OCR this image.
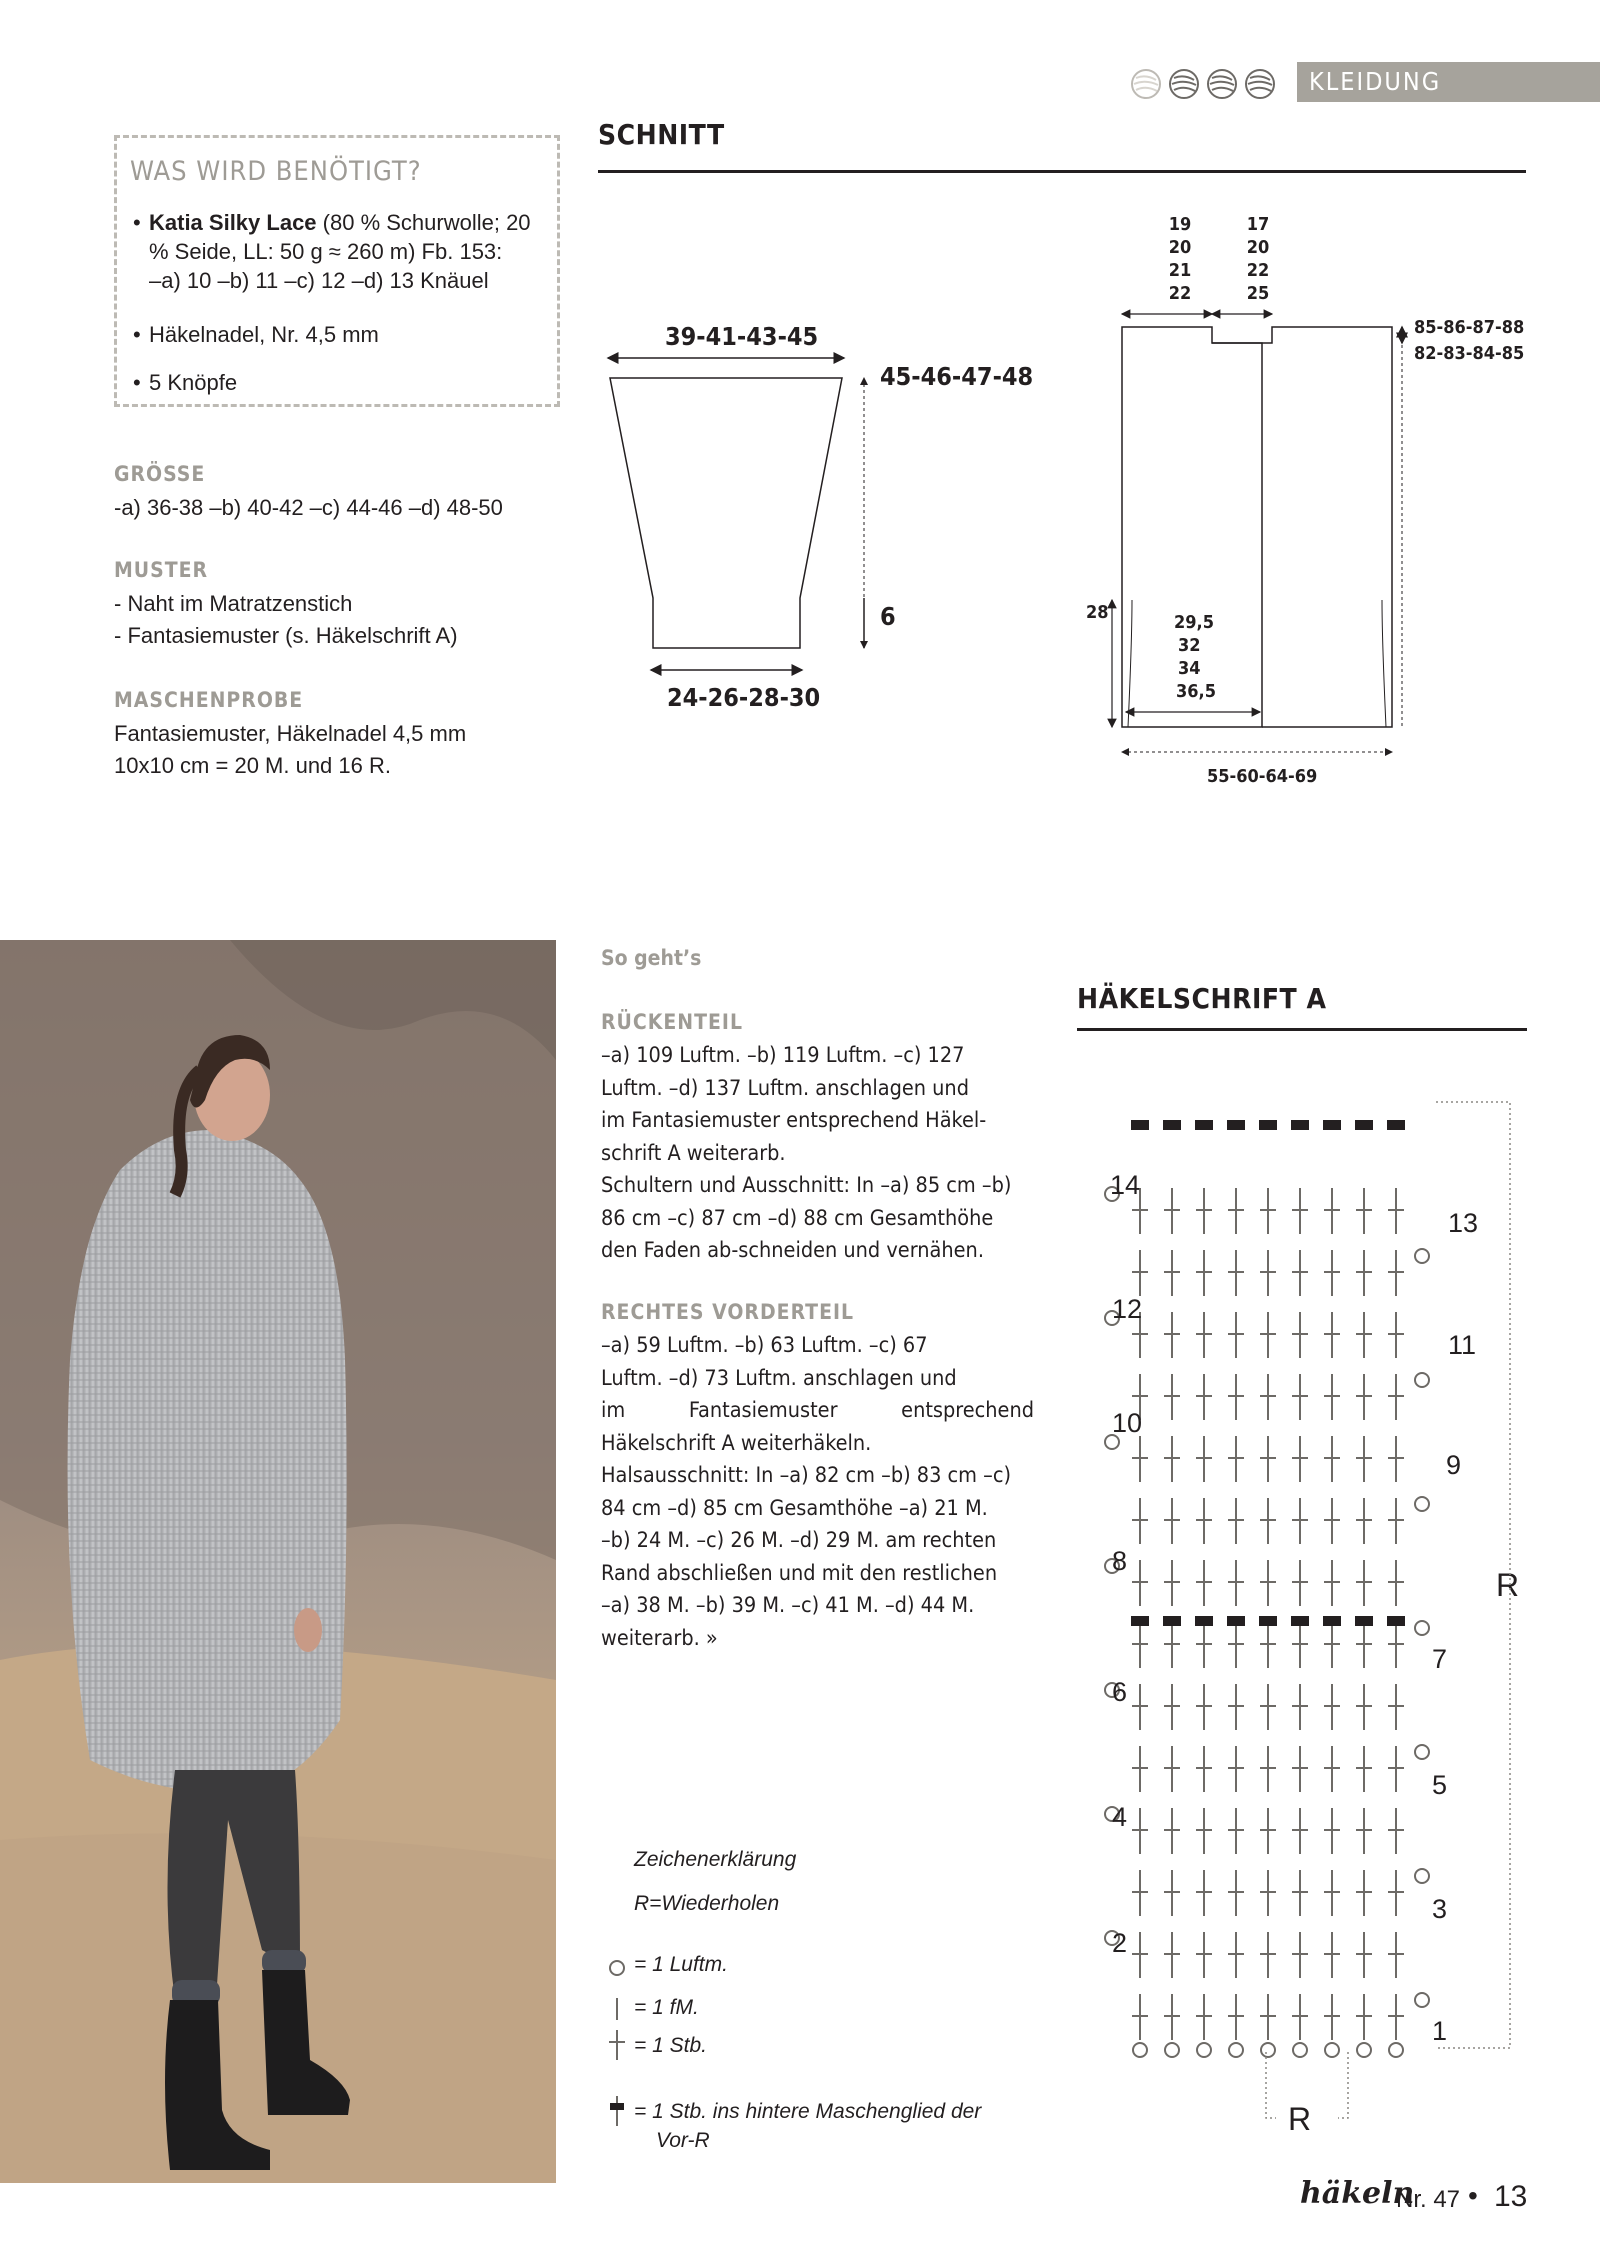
KLEIDUNG
WAS WIRD BENÖTIGT?
• Katia Silky Lace (80 % Schurwolle; 20
% Seide, LL: 50 g ≈ 260 m) Fb. 153:
–a) 10 –b) 11 –c) 12 –d) 13 Knäuel
• Häkelnadel, Nr. 4,5 mm
• 5 Knöpfe
GRÖSSE
-a) 36-38 –b) 40-42 –c) 44-46 –d) 48-50
MUSTER
- Naht im Matratzenstich
- Fantasiemuster (s. Häkelschrift A)
MASCHENPROBE
Fantasiemuster, Häkelnadel 4,5 mm
10x10 cm = 20 M. und 16 R.
SCHNITT
39-41-43-45
45-46-47-48
6
24-26-28-30
19
20
21
22
17
20
22
25
85-86-87-88
82-83-84-85
28	29,5
32
34
36,5
55-60-64-69
So geht’s
RÜCKENTEIL
–a) 109 Luftm. –b) 119 Luftm. –c) 127
Luftm. –d) 137 Luftm. anschlagen und
im Fantasiemuster entsprechend Häkel-
schrift A weiterarb.
Schultern und Ausschnitt: In –a) 85 cm –b)
86 cm –c) 87 cm –d) 88 cm Gesamthöhe
den Faden ab-schneiden und vernähen.
RECHTES VORDERTEIL
–a) 59 Luftm. –b) 63 Luftm. –c) 67
Luftm. –d) 73 Luftm. anschlagen und
im Fantasiemuster entsprechend
Häkelschrift A weiterhäkeln.
Halsausschnitt: In –a) 82 cm –b) 83 cm –c)
84 cm –d) 85 cm Gesamthöhe –a) 21 M.
–b) 24 M. –c) 26 M. –d) 29 M. am rechten
Rand abschließen und mit den restlichen
–a) 38 M. –b) 39 M. –c) 41 M. –d) 44 M.
weiterarb. »
Zeichenerklärung
R=Wiederholen
= 1 Luftm.
= 1 fM.
= 1 Stb.
= 1 Stb. ins hintere Maschenglied der
Vor-R
HÄKELSCHRIFT A
14
12
10
8
6
4
2
13
11
9
7
5
3
1
R
R
häkeln
Nr. 47 • 13
